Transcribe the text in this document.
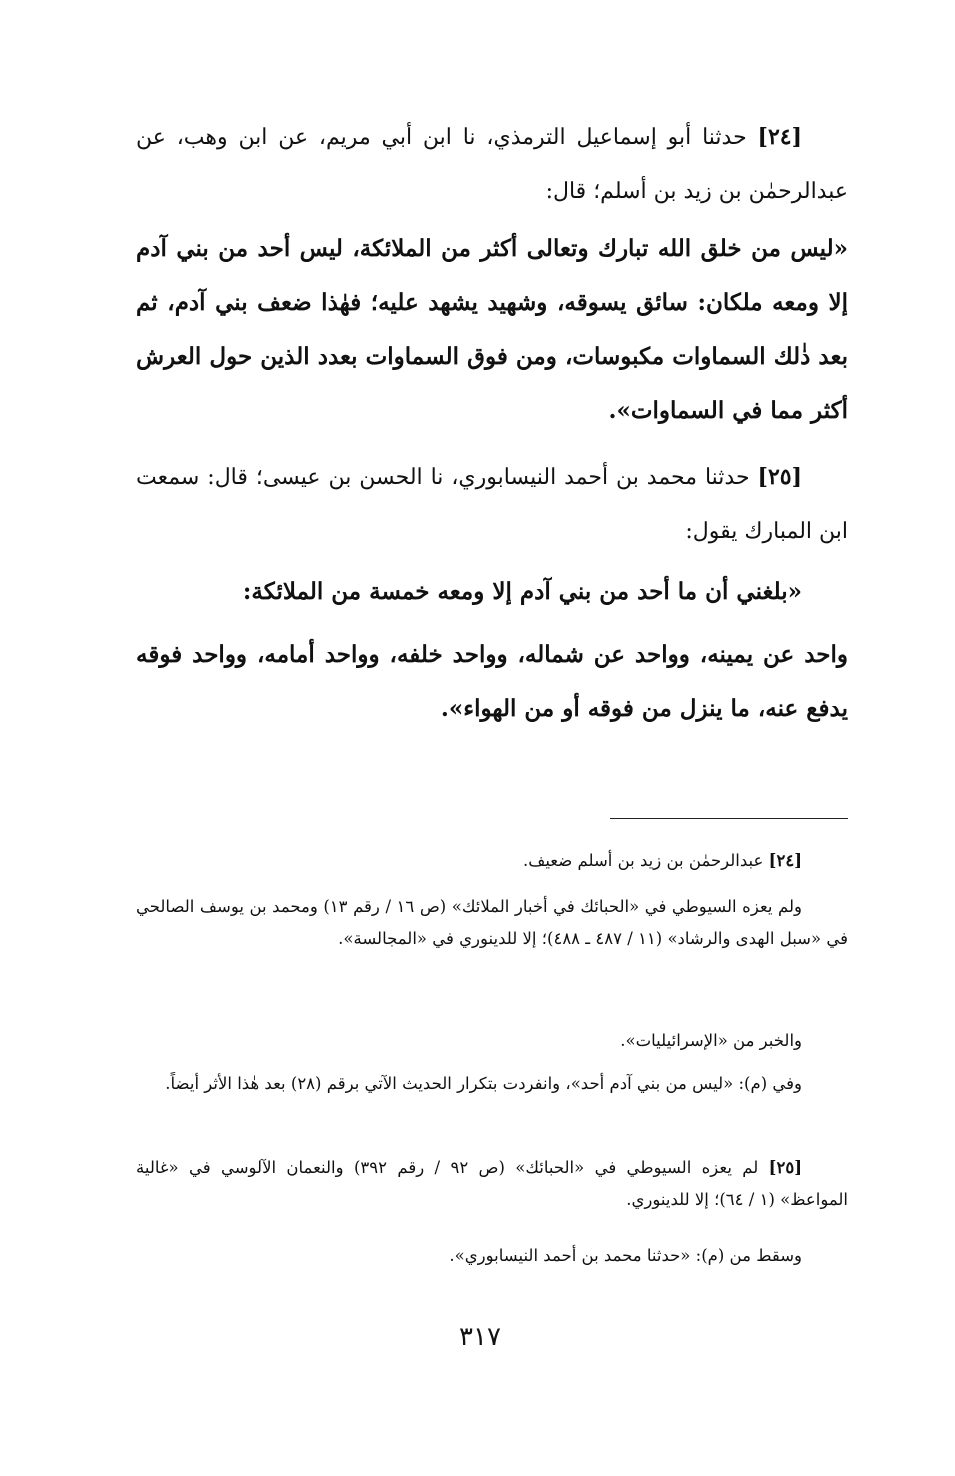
[٢٤] حدثنا أبو إسماعيل الترمذي، نا ابن أبي مريم، عن ابن وهب، عن عبدالرحمٰن بن زيد بن أسلم؛ قال:

«ليس من خلق الله تبارك وتعالى أكثر من الملائكة، ليس أحد من بني آدم إلا ومعه ملكان: سائق يسوقه، وشهيد يشهد عليه؛ فهٰذا ضعف بني آدم، ثم بعد ذٰلك السماوات مكبوسات، ومن فوق السماوات بعدد الذين حول العرش أكثر مما في السماوات».

[٢٥] حدثنا محمد بن أحمد النيسابوري، نا الحسن بن عيسى؛ قال: سمعت ابن المبارك يقول:

«بلغني أن ما أحد من بني آدم إلا ومعه خمسة من الملائكة:

واحد عن يمينه، وواحد عن شماله، وواحد خلفه، وواحد أمامه، وواحد فوقه يدفع عنه، ما ينزل من فوقه أو من الهواء».

[٢٤] عبدالرحمٰن بن زيد بن أسلم ضعيف.

ولم يعزه السيوطي في «الحبائك في أخبار الملائك» (ص ١٦ / رقم ١٣) ومحمد بن يوسف الصالحي في «سبل الهدى والرشاد» (١١ / ٤٨٧ ـ ٤٨٨)؛ إلا للدينوري في «المجالسة».

والخبر من «الإسرائيليات».

وفي (م): «ليس من بني آدم أحد»، وانفردت بتكرار الحديث الآتي برقم (٢٨) بعد هٰذا الأثر أيضاً.

[٢٥] لم يعزه السيوطي في «الحبائك» (ص ٩٢ / رقم ٣٩٢) والنعمان الآلوسي في «غالية المواعظ» (١ / ٦٤)؛ إلا للدينوري.

وسقط من (م): «حدثنا محمد بن أحمد النيسابوري».

٣١٧
